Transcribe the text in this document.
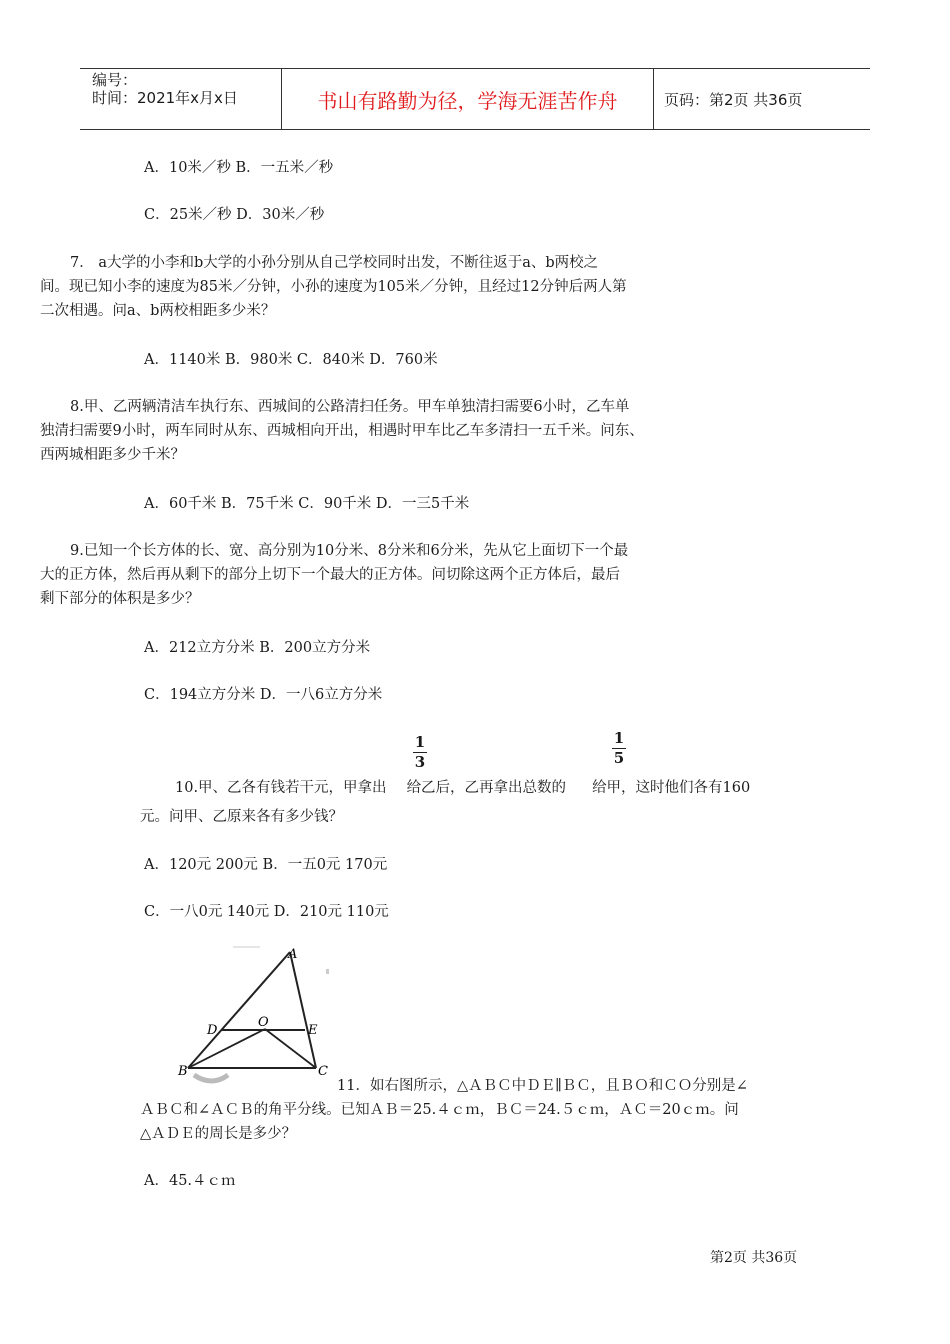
编号：
时间：2021年x月x日	书山有路勤为径，学海无涯苦作舟	页码：第2页 共36页
A．10米／秒 B．一五米／秒
C．25米／秒 D．30米／秒
7． a大学的小李和b大学的小孙分别从自己学校同时出发，不断往返于a、b两校之
间。现已知小李的速度为85米／分钟，小孙的速度为105米／分钟，且经过12分钟后两人第
二次相遇。问a、b两校相距多少米？
A．1140米 B．980米 C．840米 D．760米
8.甲、乙两辆清洁车执行东、西城间的公路清扫任务。甲车单独清扫需要6小时，乙车单
独清扫需要9小时，两车同时从东、西城相向开出，相遇时甲车比乙车多清扫一五千米。问东、
西两城相距多少千米？
A．60千米 B．75千米 C．90千米 D．一三5千米
9.已知一个长方体的长、宽、高分别为10分米、8分米和6分米，先从它上面切下一个最
大的正方体，然后再从剩下的部分上切下一个最大的正方体。问切除这两个正方体后，最后
剩下部分的体积是多少？
A．212立方分米 B．200立方分米
C．194立方分米 D．一八6立方分米
1
3
1
5
10.甲、乙各有钱若干元，甲拿出 给乙后，乙再拿出总数的 给甲，这时他们各有160
元。问甲、乙原来各有多少钱？
A．120元 200元 B．一五0元 170元
C．一八0元 140元 D．210元 110元
A
D
O
E
B	C
11．如右图所示，△ＡＢＣ中ＤＥ∥ＢＣ，且ＢＯ和ＣＯ分别是∠
ＡＢＣ和∠ＡＣＢ的角平分线。已知ＡＢ＝25.４ｃｍ，ＢＣ＝24.５ｃｍ，ＡＣ＝20ｃｍ。问
△ＡＤＥ的周长是多少？
A．45.４ｃｍ
第2页 共36页
